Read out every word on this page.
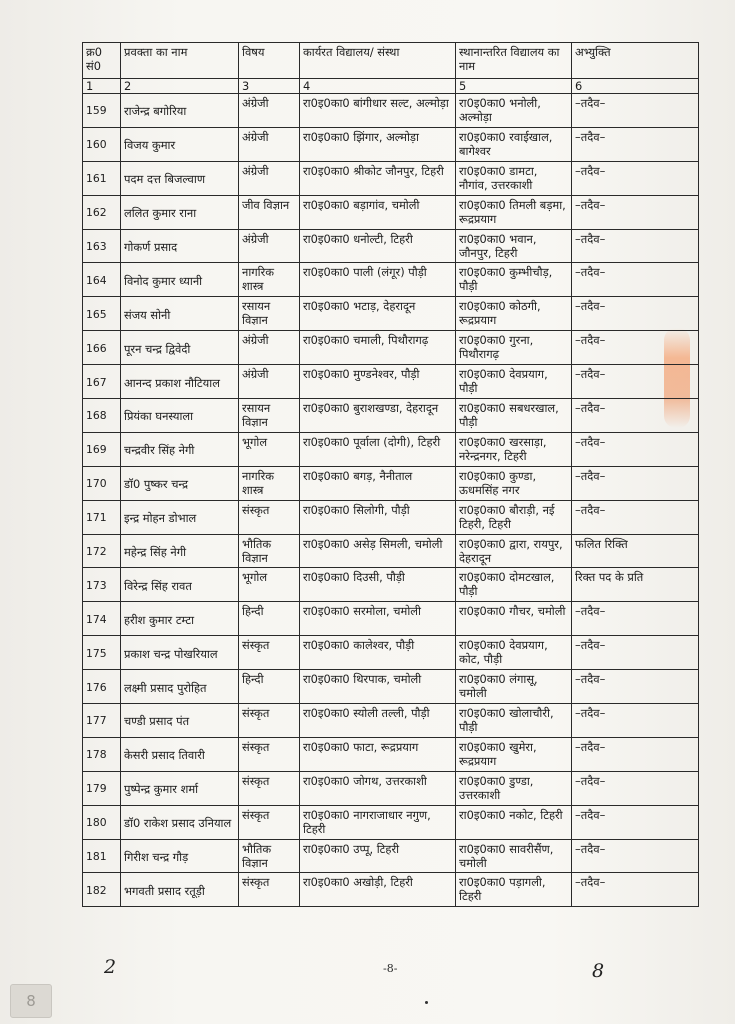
क्र0 सं0	प्रवक्ता का नाम	विषय	कार्यरत विद्यालय/ संस्था	स्थानान्तरित विद्यालय का नाम	अभ्युक्ति
1	2	3	4	5	6
159	राजेन्द्र बगोरिया	अंग्रेजी	रा0इ0का0 बांगीधार सल्ट, अल्मोड़ा	रा0इ0का0 भनोली, अल्मोड़ा	–तदैव–
160	विजय कुमार	अंग्रेजी	रा0इ0का0 झिंगार, अल्मोड़ा	रा0इ0का0 रवाईखाल, बागेश्वर	–तदैव–
161	पदम दत्त बिजल्वाण	अंग्रेजी	रा0इ0का0 श्रीकोट जौनपुर, टिहरी	रा0इ0का0 डामटा, नौगांव, उत्तरकाशी	–तदैव–
162	ललित कुमार राना	जीव विज्ञान	रा0इ0का0 बड़ागांव, चमोली	रा0इ0का0 तिमली बड़मा, रूद्रप्रयाग	–तदैव–
163	गोकर्ण प्रसाद	अंग्रेजी	रा0इ0का0 धनोल्टी, टिहरी	रा0इ0का0 भवान, जौनपुर, टिहरी	–तदैव–
164	विनोद कुमार ध्यानी	नागरिक शास्त्र	रा0इ0का0 पाली (लंगूर) पौड़ी	रा0इ0का0 कुम्भीचौड़, पौड़ी	–तदैव–
165	संजय सोनी	रसायन विज्ञान	रा0इ0का0 भटाड़, देहरादून	रा0इ0का0 कोठगी, रूद्रप्रयाग	–तदैव–
166	पूरन चन्द्र द्विवेदी	अंग्रेजी	रा0इ0का0 चमाली, पिथौरागढ़	रा0इ0का0 गुरना, पिथौरागढ़	–तदैव–
167	आनन्द प्रकाश नौटियाल	अंग्रेजी	रा0इ0का0 मुण्डनेश्वर, पौड़ी	रा0इ0का0 देवप्रयाग, पौड़ी	–तदैव–
168	प्रियंका घनस्याला	रसायन विज्ञान	रा0इ0का0 बुराशखण्डा, देहरादून	रा0इ0का0 सबधरखाल, पौड़ी	–तदैव–
169	चन्द्रवीर सिंह नेगी	भूगोल	रा0इ0का0 पूर्वाला (दोगी), टिहरी	रा0इ0का0 खरसाड़ा, नरेन्द्रनगर, टिहरी	–तदैव–
170	डॉ0 पुष्कर चन्द्र	नागरिक शास्त्र	रा0इ0का0 बगड़, नैनीताल	रा0इ0का0 कुण्डा, ऊधमसिंह नगर	–तदैव–
171	इन्द्र मोहन डोभाल	संस्कृत	रा0इ0का0 सिलोगी, पौड़ी	रा0इ0का0 बौराड़ी, नई टिहरी, टिहरी	–तदैव–
172	महेन्द्र सिंह नेगी	भौतिक विज्ञान	रा0इ0का0 असेड़ सिमली, चमोली	रा0इ0का0 द्वारा, रायपुर, देहरादून	फलित रिक्ति
173	विरेन्द्र सिंह रावत	भूगोल	रा0इ0का0 दिउसी, पौड़ी	रा0इ0का0 दोमटखाल, पौड़ी	रिक्त पद के प्रति
174	हरीश कुमार टम्टा	हिन्दी	रा0इ0का0 सरमोला, चमोली	रा0इ0का0 गौचर, चमोली	–तदैव–
175	प्रकाश चन्द्र पोखरियाल	संस्कृत	रा0इ0का0 कालेश्वर, पौड़ी	रा0इ0का0 देवप्रयाग, कोट, पौड़ी	–तदैव–
176	लक्ष्मी प्रसाद पुरोहित	हिन्दी	रा0इ0का0 थिरपाक, चमोली	रा0इ0का0 लंगासू, चमोली	–तदैव–
177	चण्डी प्रसाद पंत	संस्कृत	रा0इ0का0 स्योली तल्ली, पौड़ी	रा0इ0का0 खोलाचौरी, पौड़ी	–तदैव–
178	केसरी प्रसाद तिवारी	संस्कृत	रा0इ0का0 फाटा, रूद्रप्रयाग	रा0इ0का0 खुमेरा, रूद्रप्रयाग	–तदैव–
179	पुष्पेन्द्र कुमार शर्मा	संस्कृत	रा0इ0का0 जोगथ, उत्तरकाशी	रा0इ0का0 डुण्डा, उत्तरकाशी	–तदैव–
180	डॉ0 राकेश प्रसाद उनियाल	संस्कृत	रा0इ0का0 नागराजाधार नगुण, टिहरी	रा0इ0का0 नकोट, टिहरी	–तदैव–
181	गिरीश चन्द्र गौड़	भौतिक विज्ञान	रा0इ0का0 उप्पू, टिहरी	रा0इ0का0 सावरीसैंण, चमोली	–तदैव–
182	भगवती प्रसाद रतूड़ी	संस्कृत	रा0इ0का0 अखोड़ी, टिहरी	रा0इ0का0 पड़ागली, टिहरी	–तदैव–
2	-8-	8
8
